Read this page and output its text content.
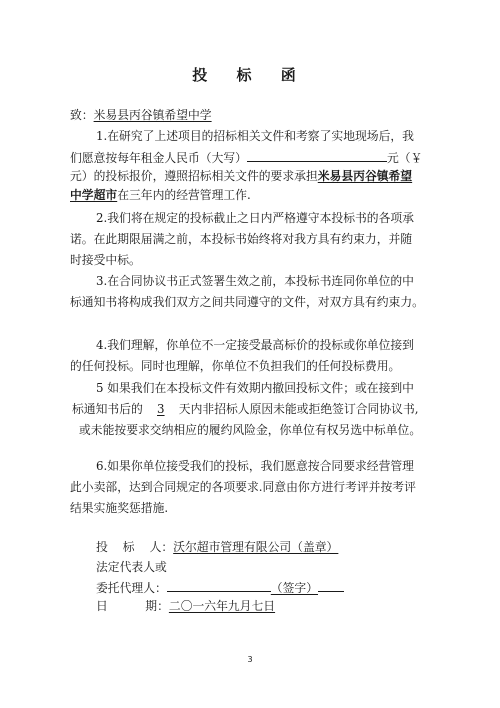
投 标 函
致：米易县丙谷镇希望中学
1.在研究了上述项目的招标相关文件和考察了实地现场后，我
们愿意按每年租金人民币（大写）	元（￥
元）的投标报价，遵照招标相关文件的要求承担米易县丙谷镇希望
中学超市在三年内的经营管理工作.
2.我们将在规定的投标截止之日内严格遵守本投标书的各项承
诺。在此期限届满之前，本投标书始终将对我方具有约束力，并随
时接受中标。
3.在合同协议书正式签署生效之前，本投标书连同你单位的中
标通知书将构成我们双方之间共同遵守的文件，对双方具有约束力。
4.我们理解，你单位不一定接受最高标价的投标或你单位接到
的任何投标。同时也理解，你单位不负担我们的任何投标费用。
5 如果我们在本投标文件有效期内撤回投标文件；或在接到中
标通知书后的 3 天内非招标人原因未能或拒绝签订合同协议书,
或未能按要求交纳相应的履约风险金，你单位有权另选中标单位。
6.如果你单位接受我们的投标，我们愿意按合同要求经营管理
此小卖部，达到合同规定的各项要求.同意由你方进行考评并按考评
结果实施奖惩措施.
投    标    人：沃尔超市管理有限公司（盖章）
法定代表人或
委托代理人：	（签字）
日          期：二〇一六年九月七日
3
